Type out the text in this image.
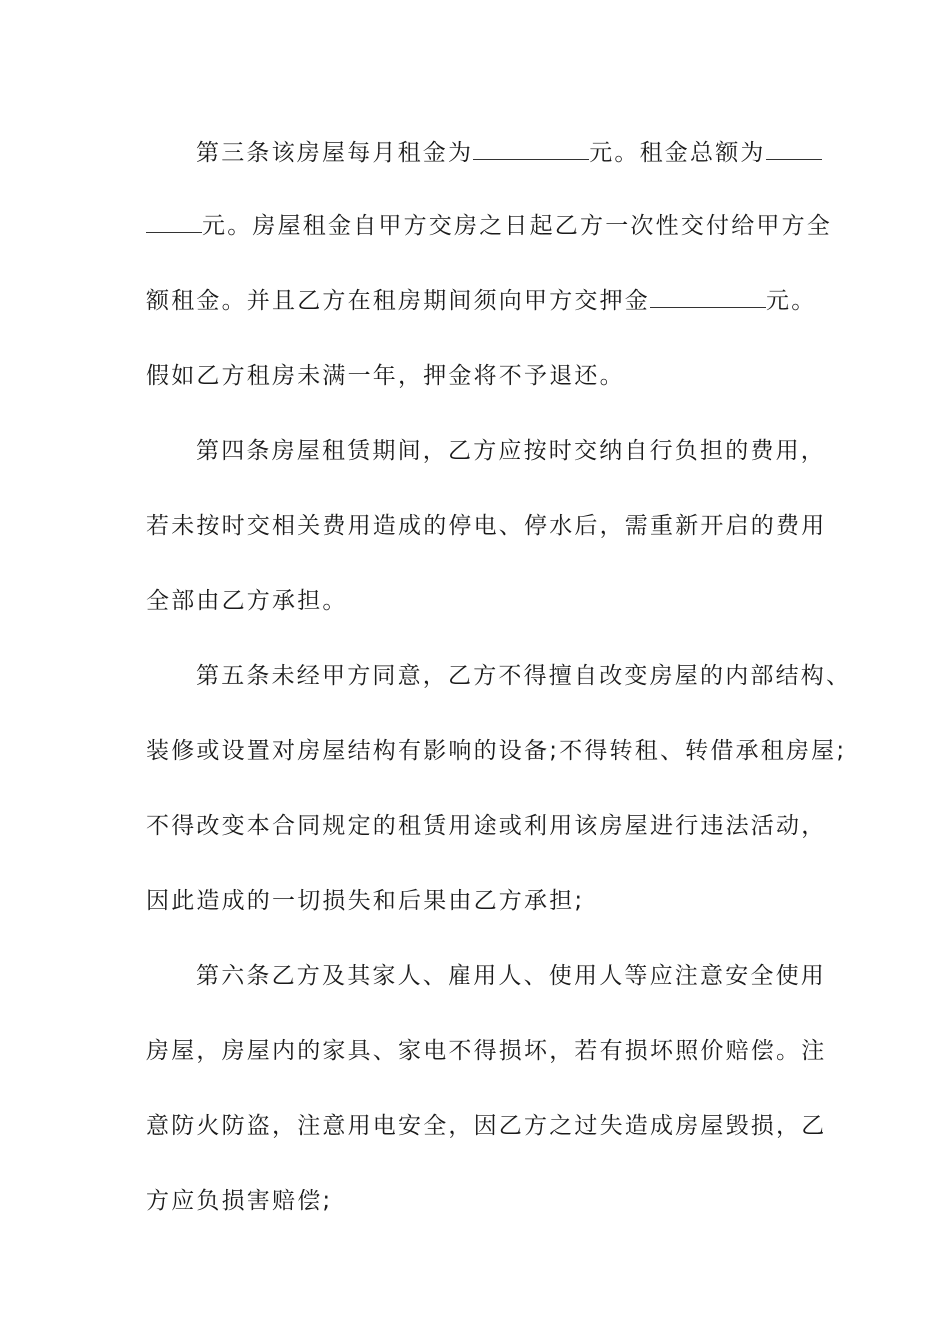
第三条该房屋每月租金为	元。租金总额为
元。房屋租金自甲方交房之日起乙方一次性交付给甲方全
额租金。并且乙方在租房期间须向甲方交押金	元。
假如乙方租房未满一年，押金将不予退还。
第四条房屋租赁期间，乙方应按时交纳自行负担的费用，
若未按时交相关费用造成的停电、停水后，需重新开启的费用
全部由乙方承担。
第五条未经甲方同意，乙方不得擅自改变房屋的内部结构、
装修或设置对房屋结构有影响的设备;不得转租、转借承租房屋;
不得改变本合同规定的租赁用途或利用该房屋进行违法活动，
因此造成的一切损失和后果由乙方承担;
第六条乙方及其家人、雇用人、使用人等应注意安全使用
房屋，房屋内的家具、家电不得损坏，若有损坏照价赔偿。注
意防火防盗，注意用电安全，因乙方之过失造成房屋毁损，乙
方应负损害赔偿;
